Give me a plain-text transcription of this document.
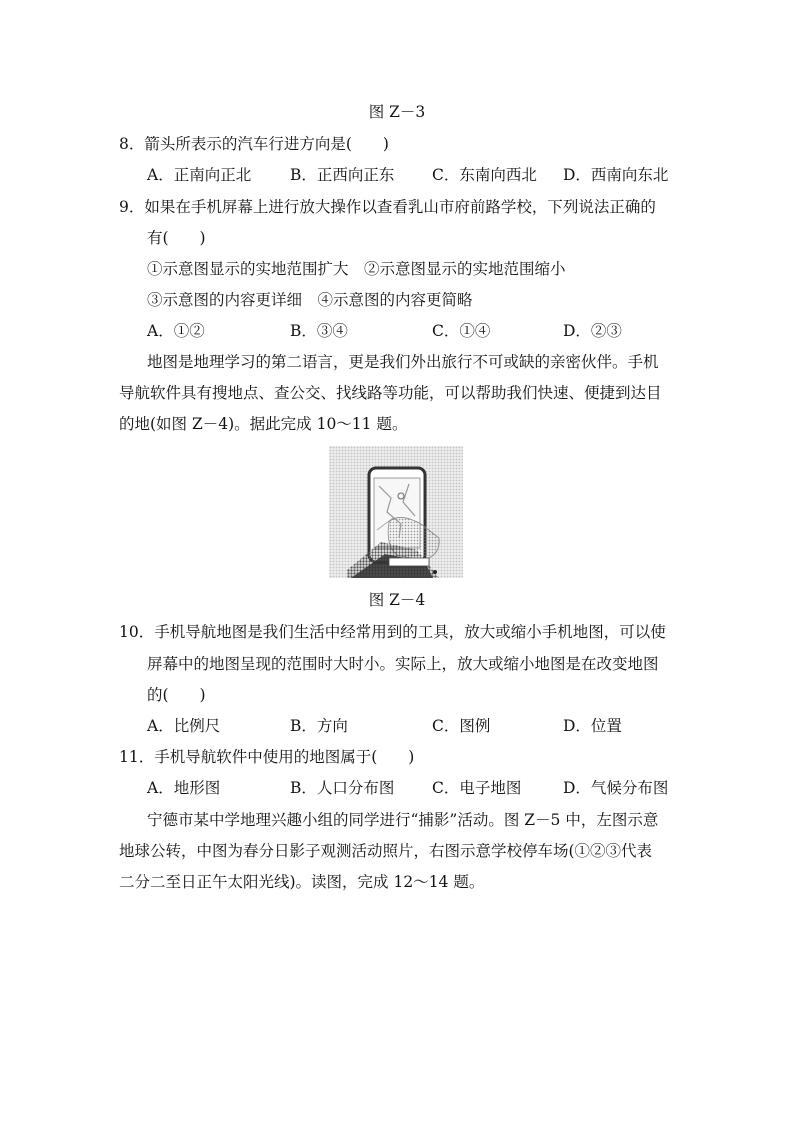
图 Z－3
8．箭头所表示的汽车行进方向是(　　)
A．正南向正北	B．正西向正东 C．东南向西北 D．西南向东北
9．如果在手机屏幕上进行放大操作以查看乳山市府前路学校，下列说法正确的
有(　　)
①示意图显示的实地范围扩大　②示意图显示的实地范围缩小
③示意图的内容更详细　④示意图的内容更简略
A．①②	B．③④	C．①④	D．②③
地图是地理学习的第二语言，更是我们外出旅行不可或缺的亲密伙伴。手机
导航软件具有搜地点、查公交、找线路等功能，可以帮助我们快速、便捷到达目
的地(如图 Z－4)。据此完成 10～11 题。
图 Z－4
10．手机导航地图是我们生活中经常用到的工具，放大或缩小手机地图，可以使
屏幕中的地图呈现的范围时大时小。实际上，放大或缩小地图是在改变地图
的(　　)
A．比例尺	B．方向	C．图例	D．位置
11．手机导航软件中使用的地图属于(　　)
A．地形图	B．人口分布图 C．电子地图	D．气候分布图
宁德市某中学地理兴趣小组的同学进行“捕影”活动。图 Z－5 中，左图示意
地球公转，中图为春分日影子观测活动照片，右图示意学校停车场(①②③代表
二分二至日正午太阳光线)。读图，完成 12～14 题。
